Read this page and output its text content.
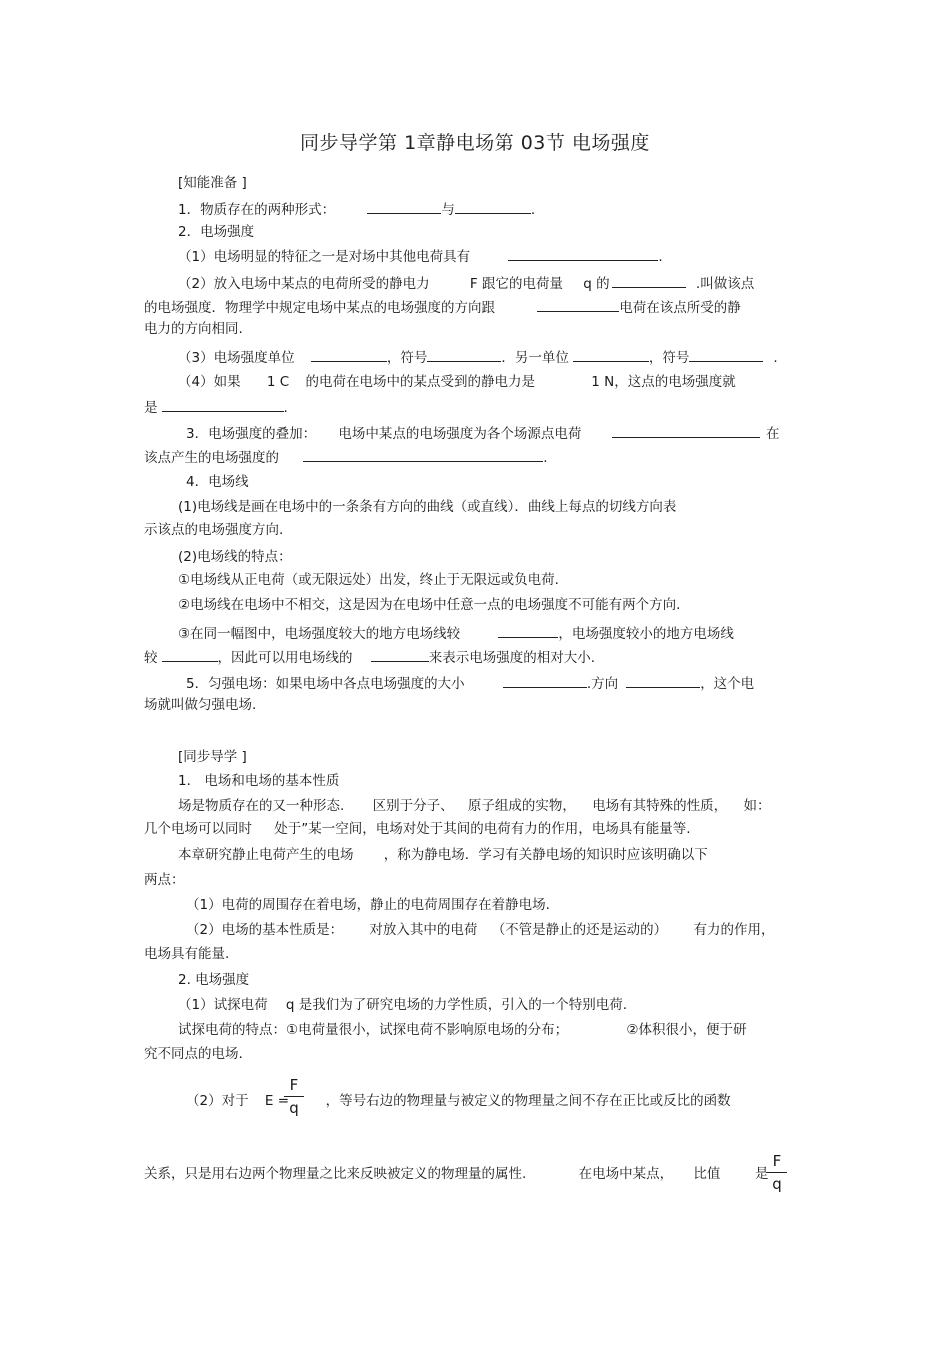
同步导学第 1章静电场第 03节 电场强度
[知能准备 ]
1．物质存在的两种形式：	与	.
2．电场强度
（1）电场明显的特征之一是对场中其他电荷具有	.
（2）放入电场中某点的电荷所受的静电力	F 跟它的电荷量 q 的	.叫做该点
的电场强度．物理学中规定电场中某点的电场强度的方向跟	电荷在该点所受的静
电力的方向相同.
（3）电场强度单位	，符号	．另一单位	，符号	.
（4）如果 1 C 的电荷在电场中的某点受到的静电力是	1 N，这点的电场强度就
是	.
3．电场强度的叠加： 电场中某点的电场强度为各个场源点电荷	在
该点产生的电场强度的	.
4．电场线
(1)电场线是画在电场中的一条条有方向的曲线（或直线）．曲线上每点的切线方向表
示该点的电场强度方向.
(2)电场线的特点：
①电场线从正电荷（或无限远处）出发，终止于无限远或负电荷.
②电场线在电场中不相交，这是因为在电场中任意一点的电场强度不可能有两个方向.
③在同一幅图中，电场强度较大的地方电场线较	，电场强度较小的地方电场线
较	，因此可以用电场线的	来表示电场强度的相对大小.
5．匀强电场：如果电场中各点电场强度的大小	.方向	，这个电
场就叫做匀强电场.
[同步导学 ]
1． 电场和电场的基本性质
场是物质存在的又一种形态. 区别于分子、 原子组成的实物， 电场有其特殊的性质， 如：
几个电场可以同时 处于”某一空间，电场对处于其间的电荷有力的作用，电场具有能量等.
本章研究静止电荷产生的电场 ，称为静电场．学习有关静电场的知识时应该明确以下
两点：
（1）电荷的周围存在着电场，静止的电荷周围存在着静电场.
（2）电场的基本性质是： 对放入其中的电荷 （不管是静止的还是运动的） 有力的作用，
电场具有能量.
2. 电场强度
（1）试探电荷 q 是我们为了研究电场的力学性质，引入的一个特别电荷.
试探电荷的特点：①电荷量很小，试探电荷不影响原电场的分布；	②体积很小，便于研
究不同点的电场.
（2）对于 E =	，等号右边的物理量与被定义的物理量之间不存在正比或反比的函数
F
q
关系，只是用右边两个物理量之比来反映被定义的物理量的属性.	在电场中某点， 比值	是
F
q
